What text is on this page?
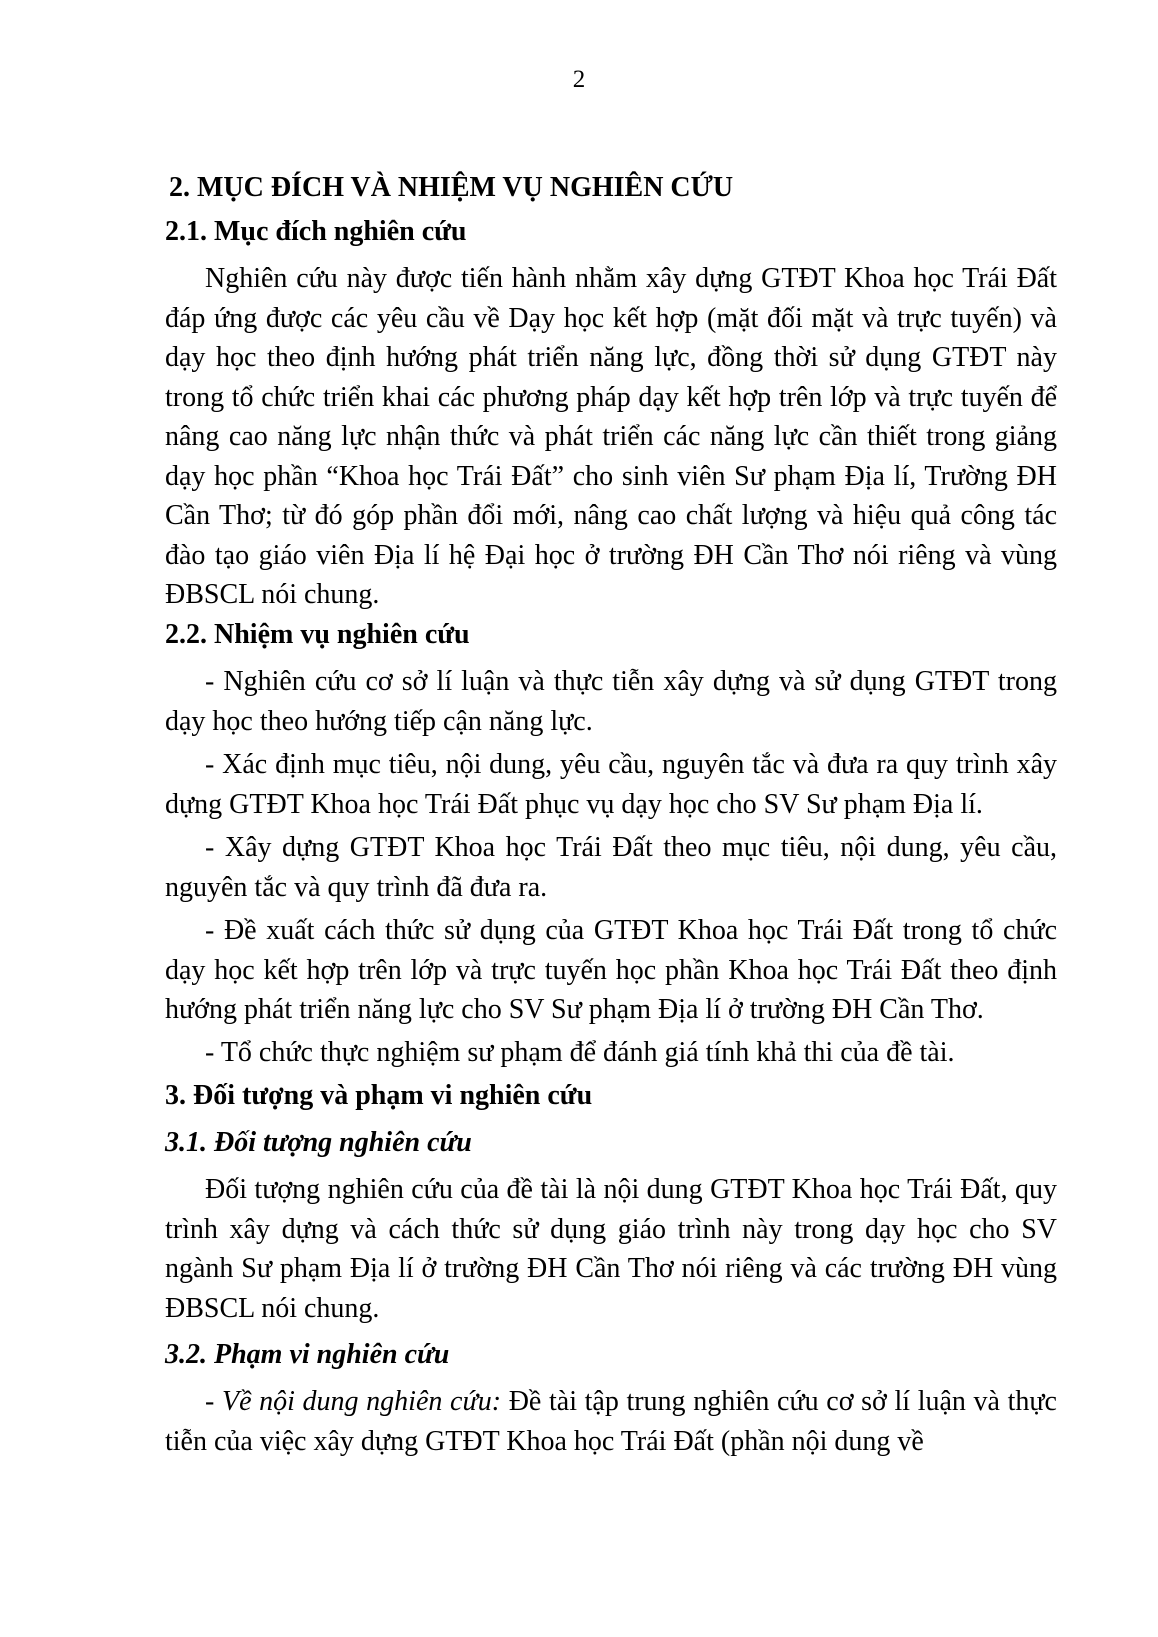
2
2. MỤC ĐÍCH VÀ NHIỆM VỤ NGHIÊN CỨU
2.1. Mục đích nghiên cứu

Nghiên cứu này được tiến hành nhằm xây dựng GTĐT Khoa học Trái Đất đáp ứng được các yêu cầu về Dạy học kết hợp (mặt đối mặt và trực tuyến) và dạy học theo định hướng phát triển năng lực, đồng thời sử dụng GTĐT này trong tổ chức triển khai các phương pháp dạy kết hợp trên lớp và trực tuyến để nâng cao năng lực nhận thức và phát triển các năng lực cần thiết trong giảng dạy học phần “Khoa học Trái Đất” cho sinh viên Sư phạm Địa lí, Trường ĐH Cần Thơ; từ đó góp phần đổi mới, nâng cao chất lượng và hiệu quả công tác đào tạo giáo viên Địa lí hệ Đại học ở trường ĐH Cần Thơ nói riêng và vùng ĐBSCL nói chung.

2.2. Nhiệm vụ nghiên cứu

- Nghiên cứu cơ sở lí luận và thực tiễn xây dựng và sử dụng GTĐT trong dạy học theo hướng tiếp cận năng lực.

- Xác định mục tiêu, nội dung, yêu cầu, nguyên tắc và đưa ra quy trình xây dựng GTĐT Khoa học Trái Đất phục vụ dạy học cho SV Sư phạm Địa lí.

- Xây dựng GTĐT Khoa học Trái Đất theo mục tiêu, nội dung, yêu cầu, nguyên tắc và quy trình đã đưa ra.

- Đề xuất cách thức sử dụng của GTĐT Khoa học Trái Đất trong tổ chức dạy học kết hợp trên lớp và trực tuyến học phần Khoa học Trái Đất theo định hướng phát triển năng lực cho SV Sư phạm Địa lí ở trường ĐH Cần Thơ.

- Tổ chức thực nghiệm sư phạm để đánh giá tính khả thi của đề tài.

3. Đối tượng và phạm vi nghiên cứu
3.1. Đối tượng nghiên cứu

Đối tượng nghiên cứu của đề tài là nội dung GTĐT Khoa học Trái Đất, quy trình xây dựng và cách thức sử dụng giáo trình này trong dạy học cho SV ngành Sư phạm Địa lí ở trường ĐH Cần Thơ nói riêng và các trường ĐH vùng ĐBSCL nói chung.

3.2. Phạm vi nghiên cứu

- Về nội dung nghiên cứu: Đề tài tập trung nghiên cứu cơ sở lí luận và thực tiễn của việc xây dựng GTĐT Khoa học Trái Đất (phần nội dung về
